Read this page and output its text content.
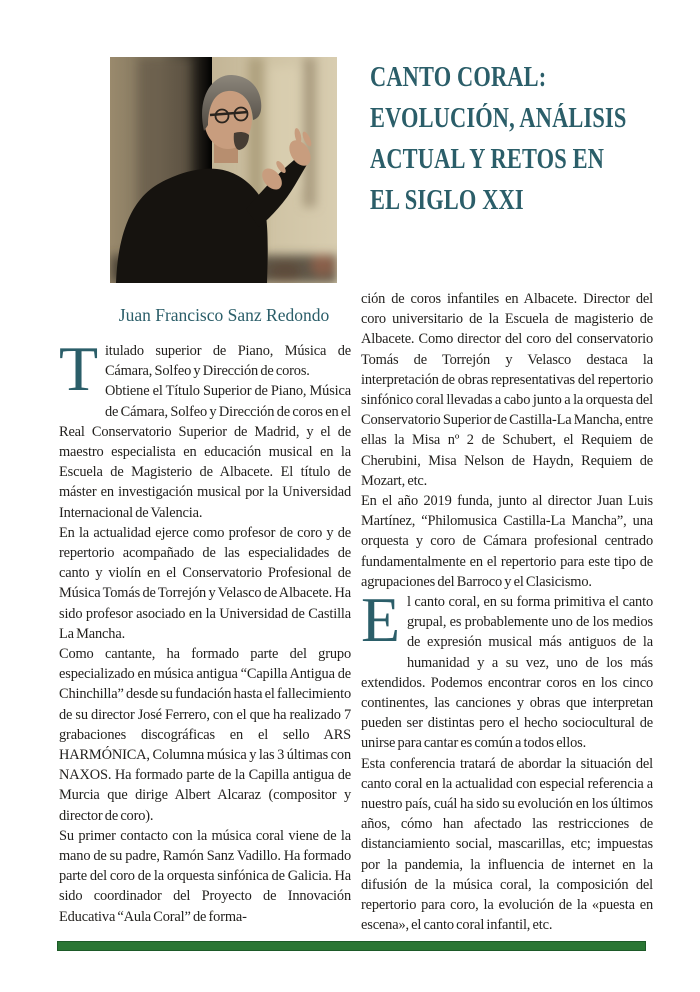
CANTO CORAL:
EVOLUCIÓN, ANÁLISIS
ACTUAL Y RETOS EN
EL SIGLO XXI
Juan Francisco Sanz Redondo

Titulado superior de Piano, Música de Cámara, Solfeo y Dirección de coros.

Obtiene el Título Superior de Piano, Música de Cámara, Solfeo y Dirección de coros en el Real Conservatorio Superior de Madrid, y el de maestro especialista en educación musical en la Escuela de Magisterio de Albacete. El título de máster en investigación musical por la Universidad Internacional de Valencia.

En la actualidad ejerce como profesor de coro y de repertorio acompañado de las especialidades de canto y violín en el Conservatorio Profesional de Música Tomás de Torrejón y Velasco de Albacete. Ha sido profesor asociado en la Universidad de Castilla La Mancha.

Como cantante, ha formado parte del grupo especializado en música antigua “Capilla Antigua de Chinchilla” desde su fundación hasta el fallecimiento de su director José Ferrero, con el que ha realizado 7 grabaciones discográficas en el sello ARS HARMÓNICA, Columna música y las 3 últimas con NAXOS. Ha formado parte de la Capilla antigua de Murcia que dirige Albert Alcaraz (compositor y director de coro).

Su primer contacto con la música coral viene de la mano de su padre, Ramón Sanz Vadillo. Ha formado parte del coro de la orquesta sinfónica de Galicia. Ha sido coordinador del Proyecto de Innovación Educativa “Aula Coral” de forma-

ción de coros infantiles en Albacete. Director del coro universitario de la Escuela de magisterio de Albacete. Como director del coro del conservatorio Tomás de Torrejón y Velasco destaca la interpretación de obras representativas del repertorio sinfónico coral llevadas a cabo junto a la orquesta del Conservatorio Superior de Castilla-La Mancha, entre ellas la Misa nº 2 de Schubert, el Requiem de Cherubini, Misa Nelson de Haydn, Requiem de Mozart, etc.

En el año 2019 funda, junto al director Juan Luis Martínez, “Philomusica Castilla-La Mancha”, una orquesta y coro de Cámara profesional centrado fundamentalmente en el repertorio para este tipo de agrupaciones del Barroco y el Clasicismo.

El canto coral, en su forma primitiva el canto grupal, es probablemente uno de los medios de expresión musical más antiguos de la humanidad y a su vez, uno de los más extendidos. Podemos encontrar coros en los cinco continentes, las canciones y obras que interpretan pueden ser distintas pero el hecho sociocultural de unirse para cantar es común a todos ellos.

Esta conferencia tratará de abordar la situación del canto coral en la actualidad con especial referencia a nuestro país, cuál ha sido su evolución en los últimos años, cómo han afectado las restricciones de distanciamiento social, mascarillas, etc; impuestas por la pandemia, la influencia de internet en la difusión de la música coral, la composición del repertorio para coro, la evolución de la «puesta en escena», el canto coral infantil, etc.
